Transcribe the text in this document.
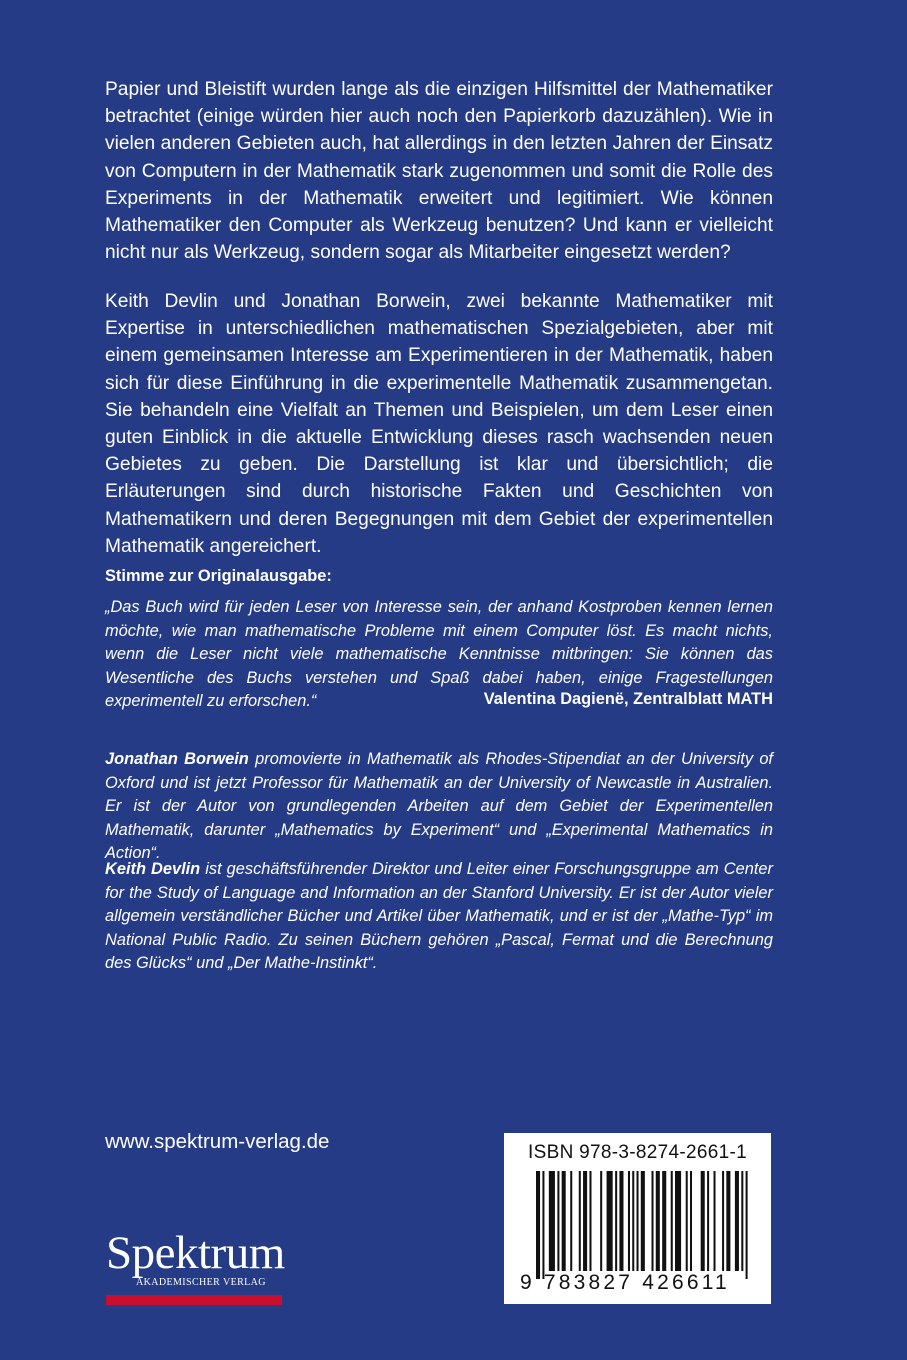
Papier und Bleistift wurden lange als die einzigen Hilfsmittel der Mathematiker betrachtet (einige würden hier auch noch den Papierkorb dazuzählen). Wie in vielen anderen Gebieten auch, hat allerdings in den letzten Jahren der Einsatz von Computern in der Mathematik stark zugenommen und somit die Rolle des Experiments in der Mathematik erweitert und legitimiert. Wie können Mathematiker den Computer als Werkzeug benutzen? Und kann er vielleicht nicht nur als Werkzeug, sondern sogar als Mitarbeiter eingesetzt werden?

Keith Devlin und Jonathan Borwein, zwei bekannte Mathematiker mit Expertise in unterschiedlichen mathematischen Spezialgebieten, aber mit einem gemeinsamen Interesse am Experimentieren in der Mathematik, haben sich für diese Einführung in die experimentelle Mathematik zusammengetan. Sie behandeln eine Vielfalt an Themen und Beispielen, um dem Leser einen guten Einblick in die aktuelle Entwicklung dieses rasch wachsenden neuen Gebietes zu geben. Die Darstellung ist klar und übersichtlich; die Erläuterungen sind durch historische Fakten und Geschichten von Mathematikern und deren Begegnungen mit dem Gebiet der experimentellen Mathematik angereichert.

Stimme zur Originalausgabe:

„Das Buch wird für jeden Leser von Interesse sein, der anhand Kostproben kennen lernen möchte, wie man mathematische Probleme mit einem Computer löst. Es macht nichts, wenn die Leser nicht viele mathematische Kenntnisse mitbringen: Sie können das Wesentliche des Buchs verstehen und Spaß dabei haben, einige Fragestellungen experimentell zu erforschen.“	Valentina Dagienë, Zentralblatt MATH

Jonathan Borwein promovierte in Mathematik als Rhodes-Stipendiat an der University of Oxford und ist jetzt Professor für Mathematik an der University of Newcastle in Australien. Er ist der Autor von grundlegenden Arbeiten auf dem Gebiet der Experimentellen Mathematik, darunter „Mathematics by Experiment“ und „Experimental Mathematics in Action“.

Keith Devlin ist geschäftsführender Direktor und Leiter einer Forschungsgruppe am Center for the Study of Language and Information an der Stanford University. Er ist der Autor vieler allgemein verständlicher Bücher und Artikel über Mathematik, und er ist der „Mathe-Typ“ im National Public Radio. Zu seinen Büchern gehören „Pascal, Fermat und die Berechnung des Glücks“ und „Der Mathe-Instinkt“.

www.spektrum-verlag.de

Spektrum
AKADEMISCHER VERLAG
ISBN 978-3-8274-2661-1
9 783827 426611
